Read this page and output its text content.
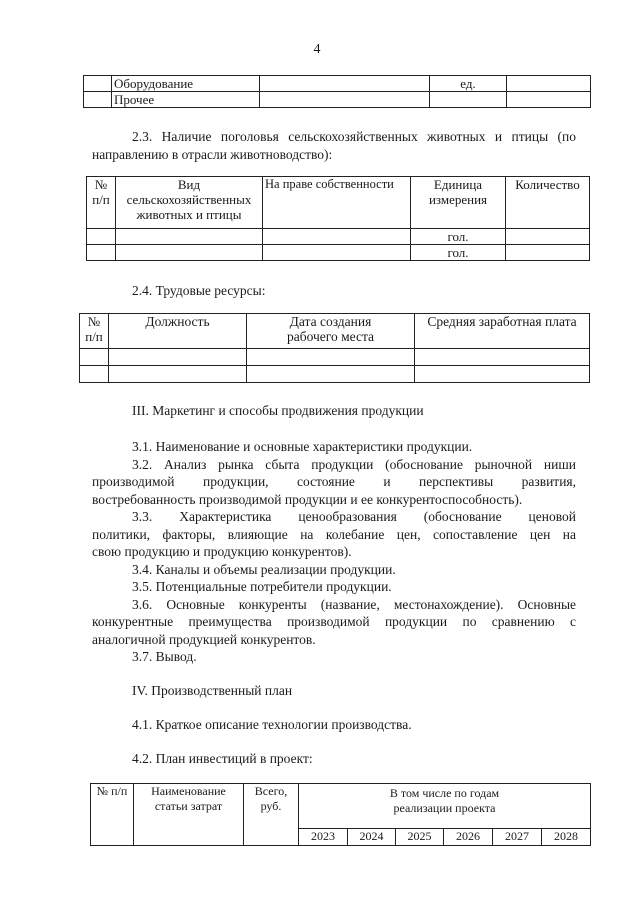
4
	Оборудование		ед.	
	Прочее			
2.3. Наличие поголовья сельскохозяйственных животных и птицы (по
направлению в отрасли животноводство):
№
п/п	Вид
сельскохозяйственных
животных и птицы	На праве собственности	Единица
измерения	Количество
			гол.	
			гол.	
2.4. Трудовые ресурсы:
№
п/п	Должность	Дата создания
рабочего места	Средняя заработная плата

III. Маркетинг и способы продвижения продукции
3.1. Наименование и основные характеристики продукции.
3.2. Анализ рынка сбыта продукции (обоснование рыночной ниши
производимой продукции, состояние и перспективы развития,
востребованность производимой продукции и ее конкурентоспособность).
3.3. Характеристика ценообразования (обоснование ценовой
политики, факторы, влияющие на колебание цен, сопоставление цен на
свою продукцию и продукцию конкурентов).
3.4. Каналы и объемы реализации продукции.
3.5. Потенциальные потребители продукции.
3.6. Основные конкуренты (название, местонахождение). Основные
конкурентные преимущества производимой продукции по сравнению с
аналогичной продукцией конкурентов.
3.7. Вывод.
IV. Производственный план
4.1. Краткое описание технологии производства.
4.2. План инвестиций в проект:
№ п/п	Наименование
статьи затрат	Всего,
руб.	В том числе по годам
реализации проекта					

			2023	2024	2025	2026	2027	2028
